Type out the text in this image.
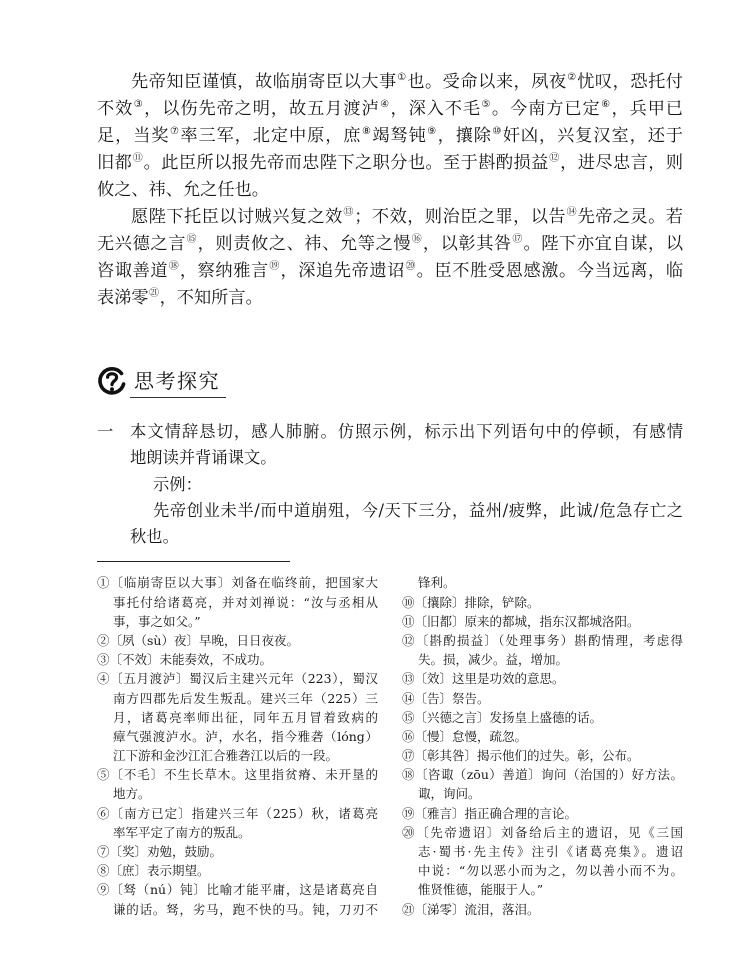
先帝知臣谨慎，故临崩寄臣以大事①也。受命以来，夙夜②忧叹，恐托付
不效③，以伤先帝之明，故五月渡泸④，深入不毛⑤。今南方已定⑥，兵甲已
足，当奖⑦率三军，北定中原，庶⑧竭驽钝⑨，攘除⑩奸凶，兴复汉室，还于
旧都⑪。此臣所以报先帝而忠陛下之职分也。至于斟酌损益⑫，进尽忠言，则
攸之、祎、允之任也。
愿陛下托臣以讨贼兴复之效⑬；不效，则治臣之罪，以告⑭先帝之灵。若
无兴德之言⑮，则责攸之、祎、允等之慢⑯，以彰其咎⑰。陛下亦宜自谋，以
咨诹善道⑱，察纳雅言⑲，深追先帝遗诏⑳。臣不胜受恩感激。今当远离，临
表涕零$^㉑$，不知所言。
思考探究
一 本文情辞恳切，感人肺腑。仿照示例，标示出下列语句中的停顿，有感情
地朗读并背诵课文。
示例：
先帝创业未半/而中道崩殂，今/天下三分，益州/疲弊，此诚/危急存亡之
秋也。
①〔临崩寄臣以大事〕刘备在临终前，把国家大
事托付给诸葛亮，并对刘禅说：“汝与丞相从
事，事之如父。”
②〔夙（sù）夜〕早晚，日日夜夜。
③〔不效〕未能奏效，不成功。
④〔五月渡泸〕蜀汉后主建兴元年（223），蜀汉
南方四郡先后发生叛乱。建兴三年（225）三
月，诸葛亮率师出征，同年五月冒着致病的
瘴气强渡泸水。泸，水名，指今雅砻（lóng）
江下游和金沙江汇合雅砻江以后的一段。
⑤〔不毛〕不生长草木。这里指贫瘠、未开垦的
地方。
⑥〔南方已定〕指建兴三年（225）秋，诸葛亮
率军平定了南方的叛乱。
⑦〔奖〕劝勉，鼓励。
⑧〔庶〕表示期望。
⑨〔驽（nú）钝〕比喻才能平庸，这是诸葛亮自
谦的话。驽，劣马，跑不快的马。钝，刀刃不
锋利。
⑩〔攘除〕排除，铲除。
⑪〔旧都〕原来的都城，指东汉都城洛阳。
⑫〔斟酌损益〕（处理事务）斟酌情理，考虑得
失。损，减少。益，增加。
⑬〔效〕这里是功效的意思。
⑭〔告〕祭告。
⑮〔兴德之言〕发扬皇上盛德的话。
⑯〔慢〕怠慢，疏忽。
⑰〔彰其咎〕揭示他们的过失。彰，公布。
⑱〔咨诹（zōu）善道〕询问（治国的）好方法。
诹，询问。
⑲〔雅言〕指正确合理的言论。
⑳〔先帝遗诏〕刘备给后主的遗诏，见《三国
志·蜀书·先主传》注引《诸葛亮集》。遗诏
中说：“勿以恶小而为之，勿以善小而不为。
惟贤惟德，能服于人。”
㉑〔涕零〕流泪，落泪。
